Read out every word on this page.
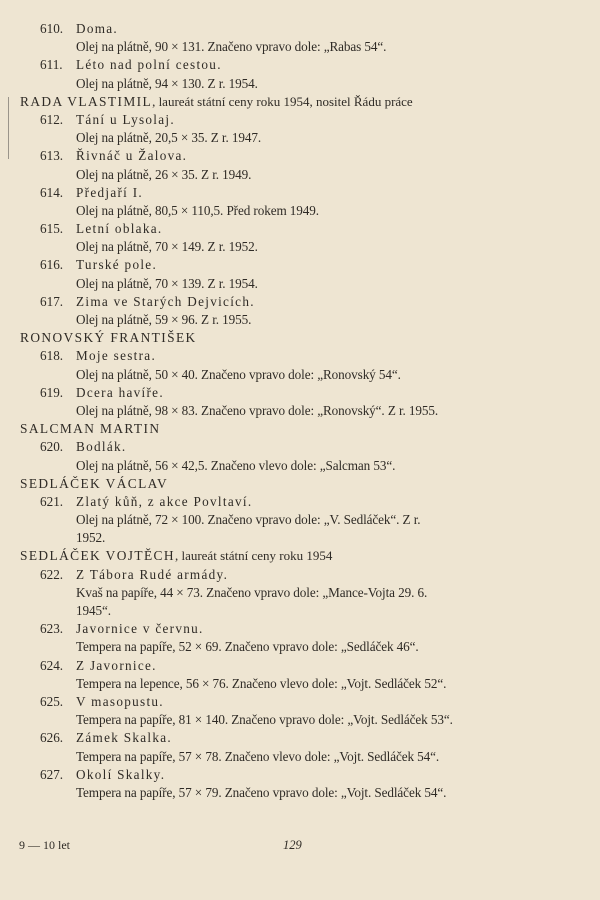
610. Doma.
Olej na plátně, 90 × 131. Značeno vpravo dole: „Rabas 54“.
611.	Léto nad polní cestou.
Olej na plátně, 94 × 130. Z r. 1954.
RADA VLASTIMIL, laureát státní ceny roku 1954, nositel Řádu práce
612. Tání u Lysolaj.
Olej na plátně, 20,5 × 35. Z r. 1947.
613. Řivnáč u Žalova.
Olej na plátně, 26 × 35. Z r. 1949.
614. Předjaří I.
Olej na plátně, 80,5 × 110,5. Před rokem 1949.
615. Letní oblaka.
Olej na plátně, 70 × 149. Z r. 1952.
616. Turské pole.
Olej na plátně, 70 × 139. Z r. 1954.
617. Zima ve Starých Dejvicích.
Olej na plátně, 59 × 96. Z r. 1955.
RONOVSKÝ FRANTIŠEK
618. Moje sestra.
Olej na plátně, 50 × 40. Značeno vpravo dole: „Ronovský 54“.
619. Dcera havíře.
Olej na plátně, 98 × 83. Značeno vpravo dole: „Ronovský“. Z r. 1955.
SALCMAN MARTIN
620. Bodlák.
Olej na plátně, 56 × 42,5. Značeno vlevo dole: „Salcman 53“.
SEDLÁČEK VÁCLAV
621. Zlatý kůň, z akce Povltaví.
Olej na plátně, 72 × 100. Značeno vpravo dole: „V. Sedláček“. Z r.
1952.
SEDLÁČEK VOJTĚCH, laureát státní ceny roku 1954
622. Z Tábora Rudé armády.
Kvaš na papíře, 44 × 73. Značeno vpravo dole: „Mance-Vojta 29. 6.
1945“.
623. Javornice v červnu.
Tempera na papíře, 52 × 69. Značeno vpravo dole: „Sedláček 46“.
624. Z Javornice.
Tempera na lepence, 56 × 76. Značeno vlevo dole: „Vojt. Sedláček 52“.
625. V masopustu.
Tempera na papíře, 81 × 140. Značeno vpravo dole: „Vojt. Sedláček 53“.
626. Zámek Skalka.
Tempera na papíře, 57 × 78. Značeno vlevo dole: „Vojt. Sedláček 54“.
627. Okolí Skalky.
Tempera na papíře, 57 × 79. Značeno vpravo dole: „Vojt. Sedláček 54“.
9 — 10 let	129
